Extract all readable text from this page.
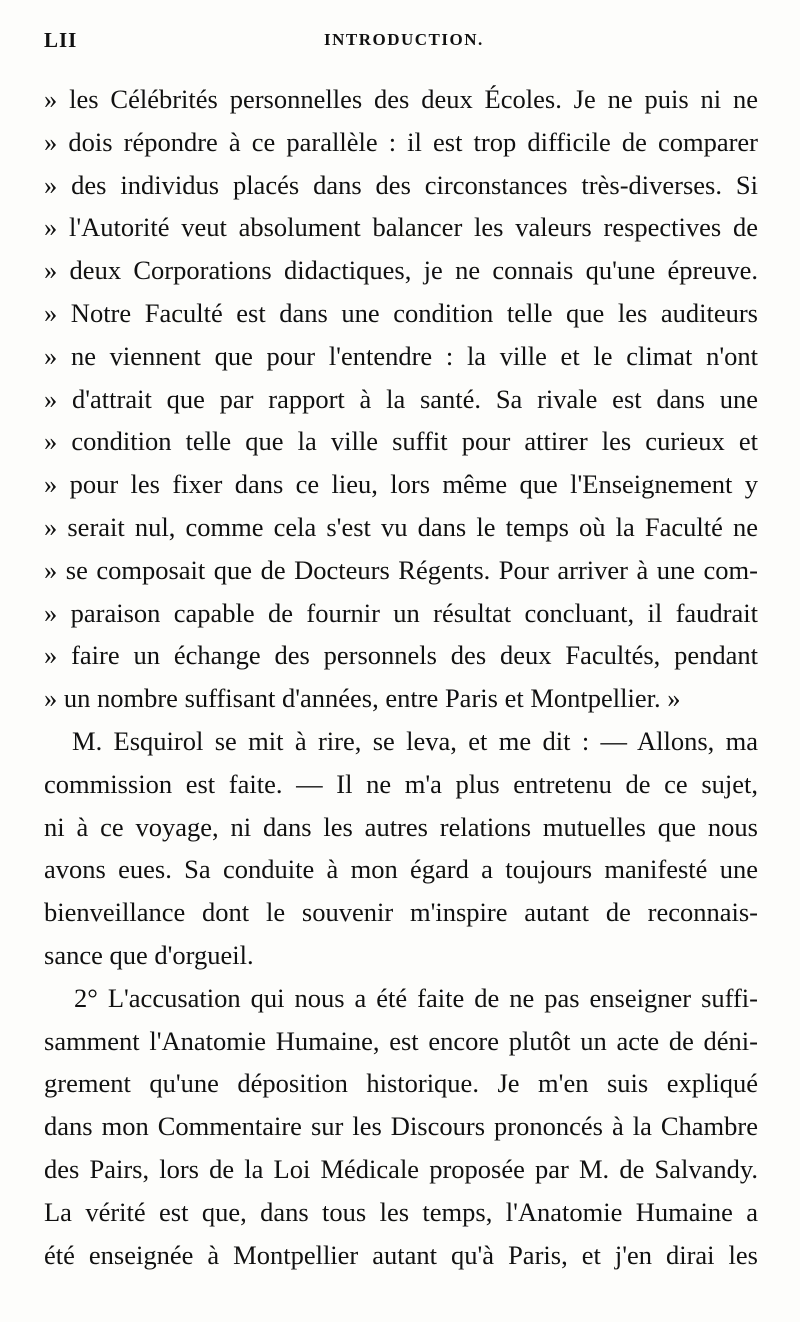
LII	INTRODUCTION.
» les Célébrités personnelles des deux Écoles. Je ne puis ni ne
» dois répondre à ce parallèle : il est trop difficile de comparer
» des individus placés dans des circonstances très-diverses. Si
» l'Autorité veut absolument balancer les valeurs respectives de
» deux Corporations didactiques, je ne connais qu'une épreuve.
» Notre Faculté est dans une condition telle que les auditeurs
» ne viennent que pour l'entendre : la ville et le climat n'ont
» d'attrait que par rapport à la santé. Sa rivale est dans une
» condition telle que la ville suffit pour attirer les curieux et
» pour les fixer dans ce lieu, lors même que l'Enseignement y
» serait nul, comme cela s'est vu dans le temps où la Faculté ne
» se composait que de Docteurs Régents. Pour arriver à une com-
» paraison capable de fournir un résultat concluant, il faudrait
» faire un échange des personnels des deux Facultés, pendant
» un nombre suffisant d'années, entre Paris et Montpellier. »
M. Esquirol se mit à rire, se leva, et me dit : — Allons, ma
commission est faite. — Il ne m'a plus entretenu de ce sujet,
ni à ce voyage, ni dans les autres relations mutuelles que nous
avons eues. Sa conduite à mon égard a toujours manifesté une
bienveillance dont le souvenir m'inspire autant de reconnais-
sance que d'orgueil.
2° L'accusation qui nous a été faite de ne pas enseigner suffi-
samment l'Anatomie Humaine, est encore plutôt un acte de déni-
grement qu'une déposition historique. Je m'en suis expliqué
dans mon Commentaire sur les Discours prononcés à la Chambre
des Pairs, lors de la Loi Médicale proposée par M. de Salvandy.
La vérité est que, dans tous les temps, l'Anatomie Humaine a
été enseignée à Montpellier autant qu'à Paris, et j'en dirai les
